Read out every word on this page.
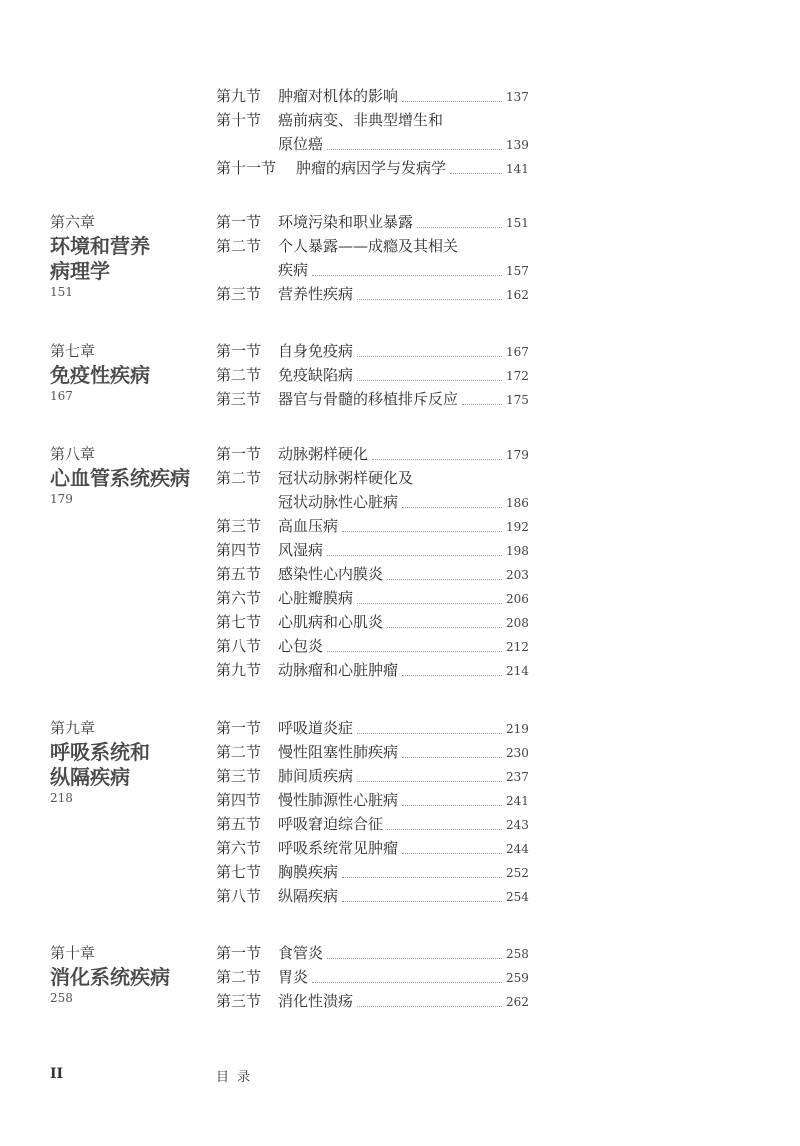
第九节	肿瘤对机体的影响	137
第十节	癌前病变、非典型增生和
原位癌	139
第十一节	肿瘤的病因学与发病学	141
第六章
环境和营养
病理学
151
第一节	环境污染和职业暴露	151
第二节	个人暴露——成瘾及其相关
疾病	157
第三节	营养性疾病	162
第七章
免疫性疾病
167
第一节	自身免疫病	167
第二节	免疫缺陷病	172
第三节	器官与骨髓的移植排斥反应	175
第八章
心血管系统疾病
179
第一节	动脉粥样硬化	179
第二节	冠状动脉粥样硬化及
冠状动脉性心脏病	186
第三节	高血压病	192
第四节	风湿病	198
第五节	感染性心内膜炎	203
第六节	心脏瓣膜病	206
第七节	心肌病和心肌炎	208
第八节	心包炎	212
第九节	动脉瘤和心脏肿瘤	214
第九章
呼吸系统和
纵隔疾病
218
第一节	呼吸道炎症	219
第二节	慢性阻塞性肺疾病	230
第三节	肺间质疾病	237
第四节	慢性肺源性心脏病	241
第五节	呼吸窘迫综合征	243
第六节	呼吸系统常见肿瘤	244
第七节	胸膜疾病	252
第八节	纵隔疾病	254
第十章
消化系统疾病
258
第一节	食管炎	258
第二节	胃炎	259
第三节	消化性溃疡	262
II	目 录
